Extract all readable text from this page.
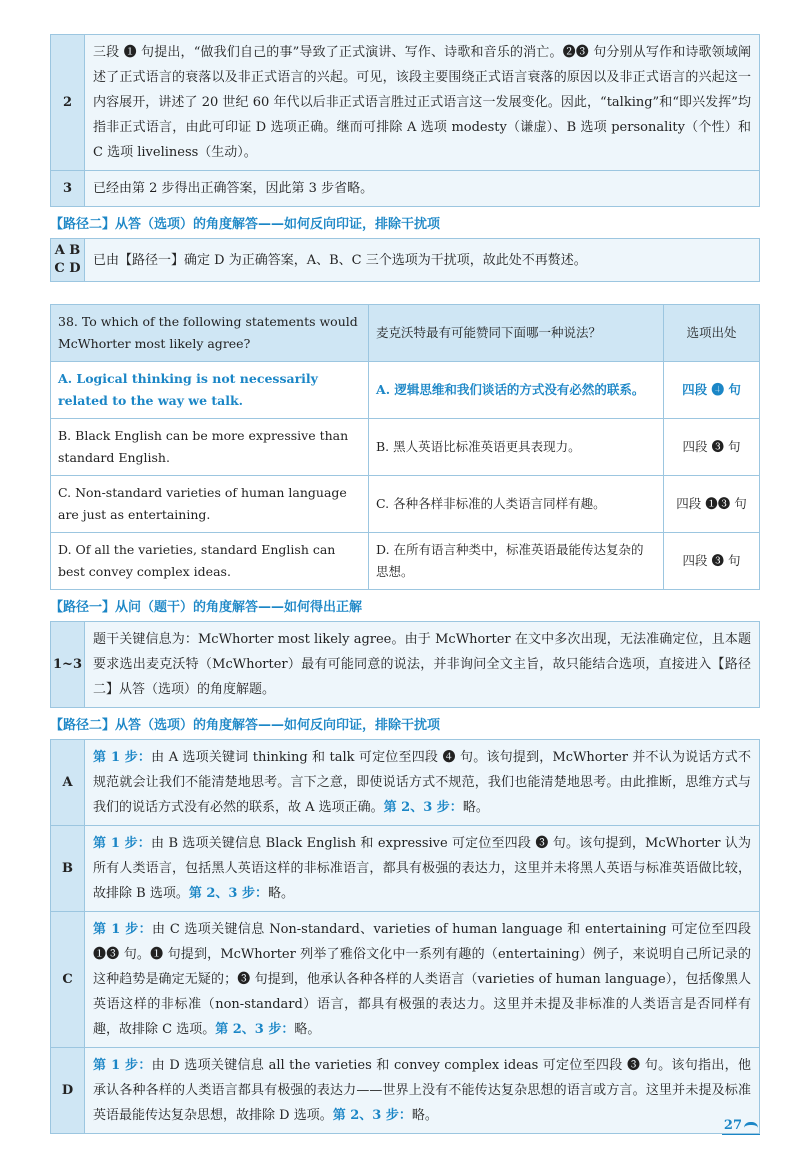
2	三段 ❶ 句提出，“做我们自己的事”导致了正式演讲、写作、诗歌和音乐的消亡。❷❸ 句分别从写作和诗歌领域阐述了正式语言的衰落以及非正式语言的兴起。可见，该段主要围绕正式语言衰落的原因以及非正式语言的兴起这一内容展开，讲述了 20 世纪 60 年代以后非正式语言胜过正式语言这一发展变化。因此，“talking”和“即兴发挥”均指非正式语言，由此可印证 D 选项正确。继而可排除 A 选项 modesty（谦虚）、B 选项 personality（个性）和 C 选项 liveliness（生动）。
3	已经由第 2 步得出正确答案，因此第 3 步省略。
【路径二】从答（选项）的角度解答——如何反向印证，排除干扰项
A B
C D
	已由【路径一】确定 D 为正确答案，A、B、C 三个选项为干扰项，故此处不再赘述。
38. To which of the following statements would McWhorter most likely agree?	麦克沃特最有可能赞同下面哪一种说法？	选项出处
A. Logical thinking is not necessarily related to the way we talk.	A. 逻辑思维和我们谈话的方式没有必然的联系。	四段 ❹ 句
B. Black English can be more expressive than standard English.	B. 黑人英语比标准英语更具表现力。	四段 ❸ 句
C. Non-standard varieties of human language are just as entertaining.	C. 各种各样非标准的人类语言同样有趣。	四段 ❶❸ 句
D. Of all the varieties, standard English can best convey complex ideas.	D. 在所有语言种类中，标准英语最能传达复杂的思想。	四段 ❸ 句
【路径一】从问（题干）的角度解答——如何得出正解
1~3	题干关键信息为：McWhorter most likely agree。由于 McWhorter 在文中多次出现，无法准确定位，且本题要求选出麦克沃特（McWhorter）最有可能同意的说法，并非询问全文主旨，故只能结合选项，直接进入【路径二】从答（选项）的角度解题。
【路径二】从答（选项）的角度解答——如何反向印证，排除干扰项
A	第 1 步：由 A 选项关键词 thinking 和 talk 可定位至四段 ❹ 句。该句提到，McWhorter 并不认为说话方式不规范就会让我们不能清楚地思考。言下之意，即使说话方式不规范，我们也能清楚地思考。由此推断，思维方式与我们的说话方式没有必然的联系，故 A 选项正确。第 2、3 步：略。
B	第 1 步：由 B 选项关键信息 Black English 和 expressive 可定位至四段 ❸ 句。该句提到，McWhorter 认为所有人类语言，包括黑人英语这样的非标准语言，都具有极强的表达力，这里并未将黑人英语与标准英语做比较，故排除 B 选项。第 2、3 步：略。
C	第 1 步：由 C 选项关键信息 Non-standard、varieties of human language 和 entertaining 可定位至四段 ❶❸ 句。❶ 句提到，McWhorter 列举了雅俗文化中一系列有趣的（entertaining）例子，来说明自己所记录的这种趋势是确定无疑的；❸ 句提到，他承认各种各样的人类语言（varieties of human language），包括像黑人英语这样的非标准（non-standard）语言，都具有极强的表达力。这里并未提及非标准的人类语言是否同样有趣，故排除 C 选项。第 2、3 步：略。
D	第 1 步：由 D 选项关键信息 all the varieties 和 convey complex ideas 可定位至四段 ❸ 句。该句指出，他承认各种各样的人类语言都具有极强的表达力——世界上没有不能传达复杂思想的语言或方言。这里并未提及标准英语最能传达复杂思想，故排除 D 选项。第 2、3 步：略。
27
